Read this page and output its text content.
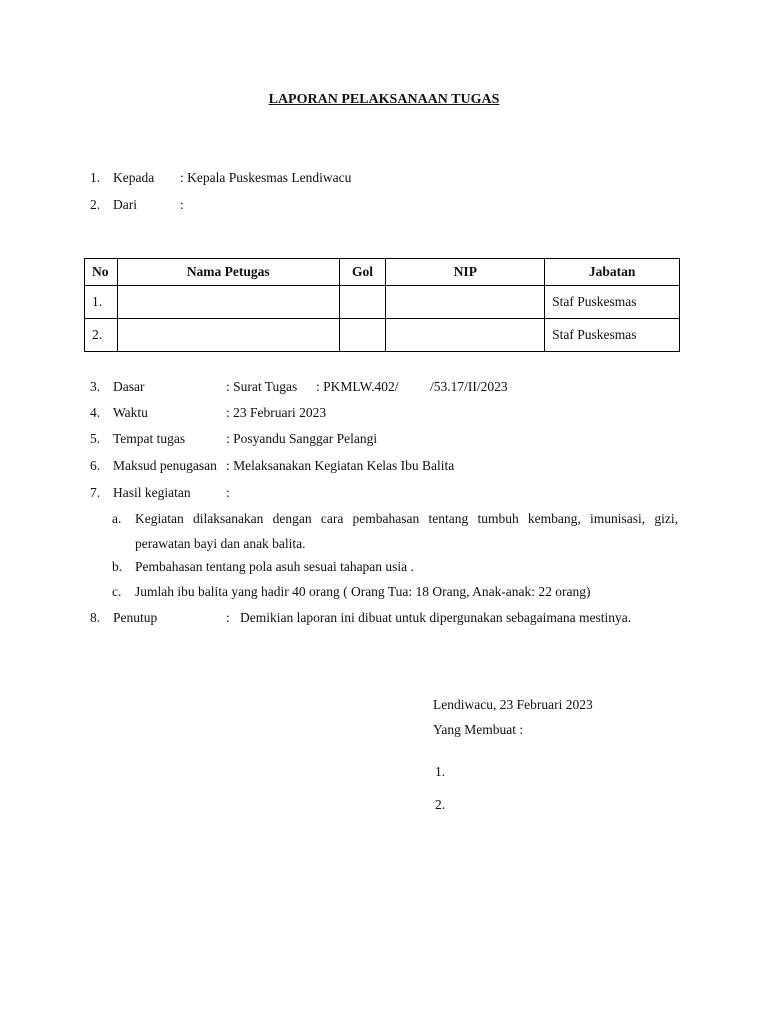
LAPORAN PELAKSANAAN TUGAS
1. Kepada : Kepala Puskesmas Lendiwacu
2. Dari	:
No	Nama Petugas	Gol	NIP	Jabatan
1.				Staf Puskesmas
2.				Staf Puskesmas
3. Dasar	: Surat Tugas : PKMLW.402/ /53.17/II/2023
4. Waktu	: 23 Februari 2023
5. Tempat tugas	: Posyandu Sanggar Pelangi
6. Maksud penugasan : Melaksanakan Kegiatan Kelas Ibu Balita
7. Hasil kegiatan	:
a. Kegiatan dilaksanakan dengan cara pembahasan tentang tumbuh kembang, imunisasi, gizi,
perawatan bayi dan anak balita.
b. Pembahasan tentang pola asuh sesuai tahapan usia .
c. Jumlah ibu balita yang hadir 40 orang ( Orang Tua: 18 Orang, Anak-anak: 22 orang)
8. Penutup	: Demikian laporan ini dibuat untuk dipergunakan sebagaimana mestinya.
Lendiwacu, 23 Februari 2023
Yang Membuat :
1.
2.
